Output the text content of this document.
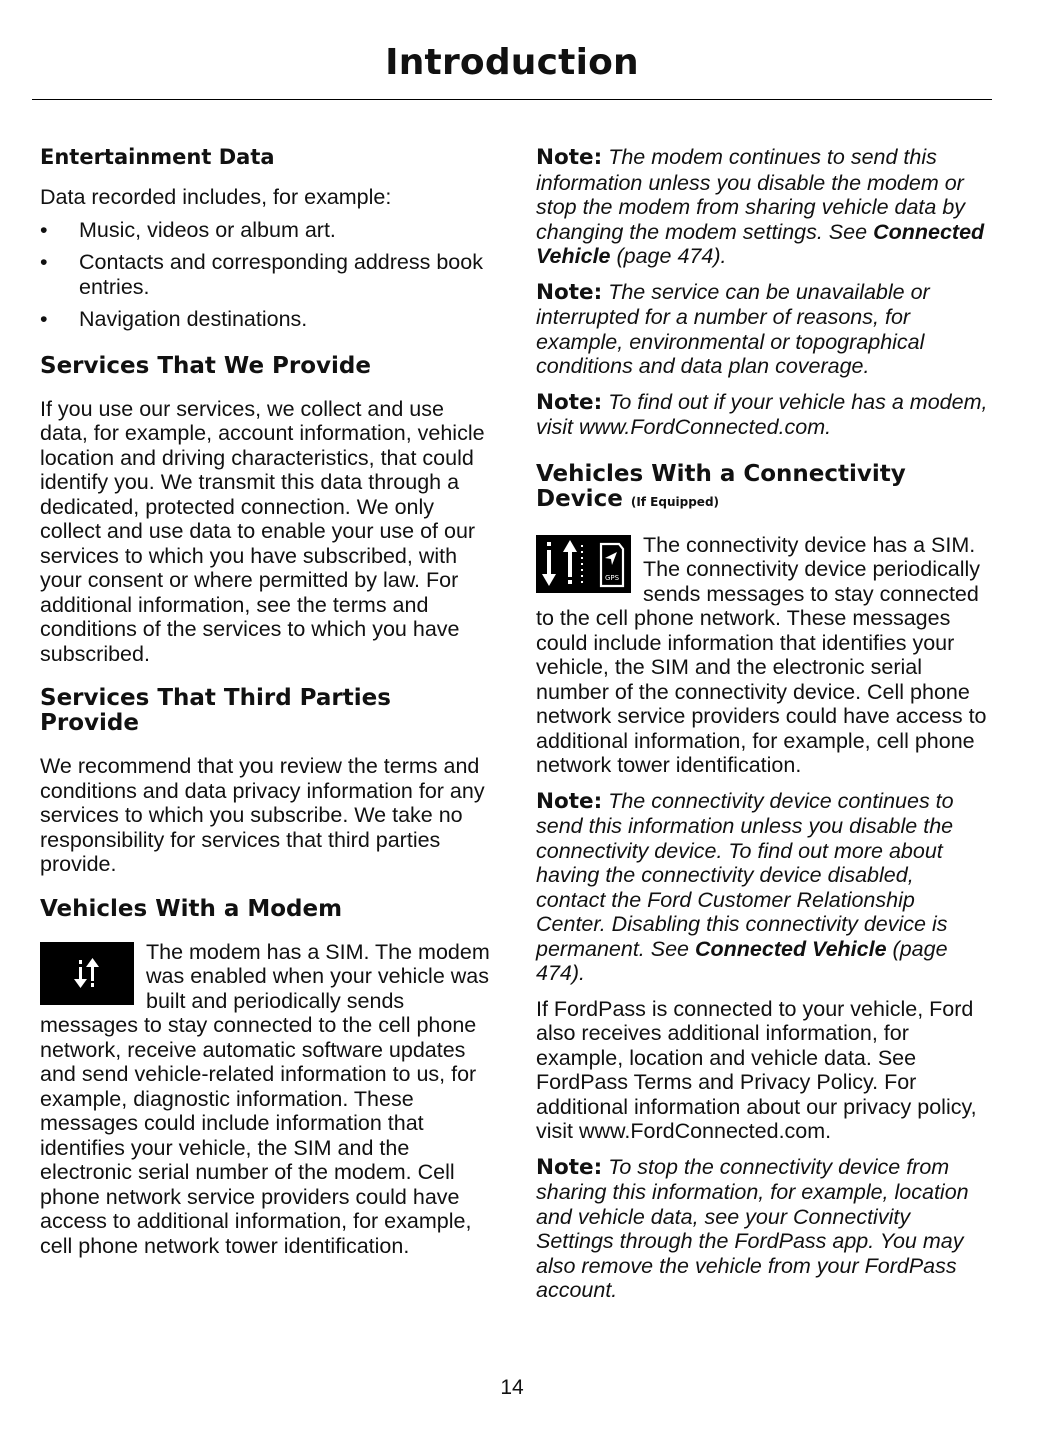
Introduction
Entertainment Data

Data recorded includes, for example:

• Music, videos or album art.
• Contacts and corresponding address book entries.
• Navigation destinations.
Services That We Provide

If you use our services, we collect and use data, for example, account information, vehicle location and driving characteristics, that could identify you. We transmit this data through a dedicated, protected connection. We only collect and use data to enable your use of our services to which you have subscribed, with your consent or where permitted by law. For additional information, see the terms and conditions of the services to which you have subscribed.

Services That Third Parties Provide

We recommend that you review the terms and conditions and data privacy information for any services to which you subscribe. We take no responsibility for services that third parties provide.

Vehicles With a Modem

The modem has a SIM. The modem was enabled when your vehicle was built and periodically sends messages to stay connected to the cell phone network, receive automatic software updates and send vehicle-related information to us, for example, diagnostic information. These messages could include information that identifies your vehicle, the SIM and the electronic serial number of the modem. Cell phone network service providers could have access to additional information, for example, cell phone network tower identification.

Note: The modem continues to send this information unless you disable the modem or stop the modem from sharing vehicle data by changing the modem settings. See Connected Vehicle (page 474).

Note: The service can be unavailable or interrupted for a number of reasons, for example, environmental or topographical conditions and data plan coverage.

Note: To find out if your vehicle has a modem, visit www.FordConnected.com.

Vehicles With a Connectivity Device (If Equipped)
GPS

The connectivity device has a SIM. The connectivity device periodically sends messages to stay connected to the cell phone network. These messages could include information that identifies your vehicle, the SIM and the electronic serial number of the connectivity device. Cell phone network service providers could have access to additional information, for example, cell phone network tower identification.

Note: The connectivity device continues to send this information unless you disable the connectivity device. To find out more about having the connectivity device disabled, contact the Ford Customer Relationship Center. Disabling this connectivity device is permanent. See Connected Vehicle (page 474).

If FordPass is connected to your vehicle, Ford also receives additional information, for example, location and vehicle data. See FordPass Terms and Privacy Policy. For additional information about our privacy policy, visit www.FordConnected.com.

Note: To stop the connectivity device from sharing this information, for example, location and vehicle data, see your Connectivity Settings through the FordPass app. You may also remove the vehicle from your FordPass account.

14
